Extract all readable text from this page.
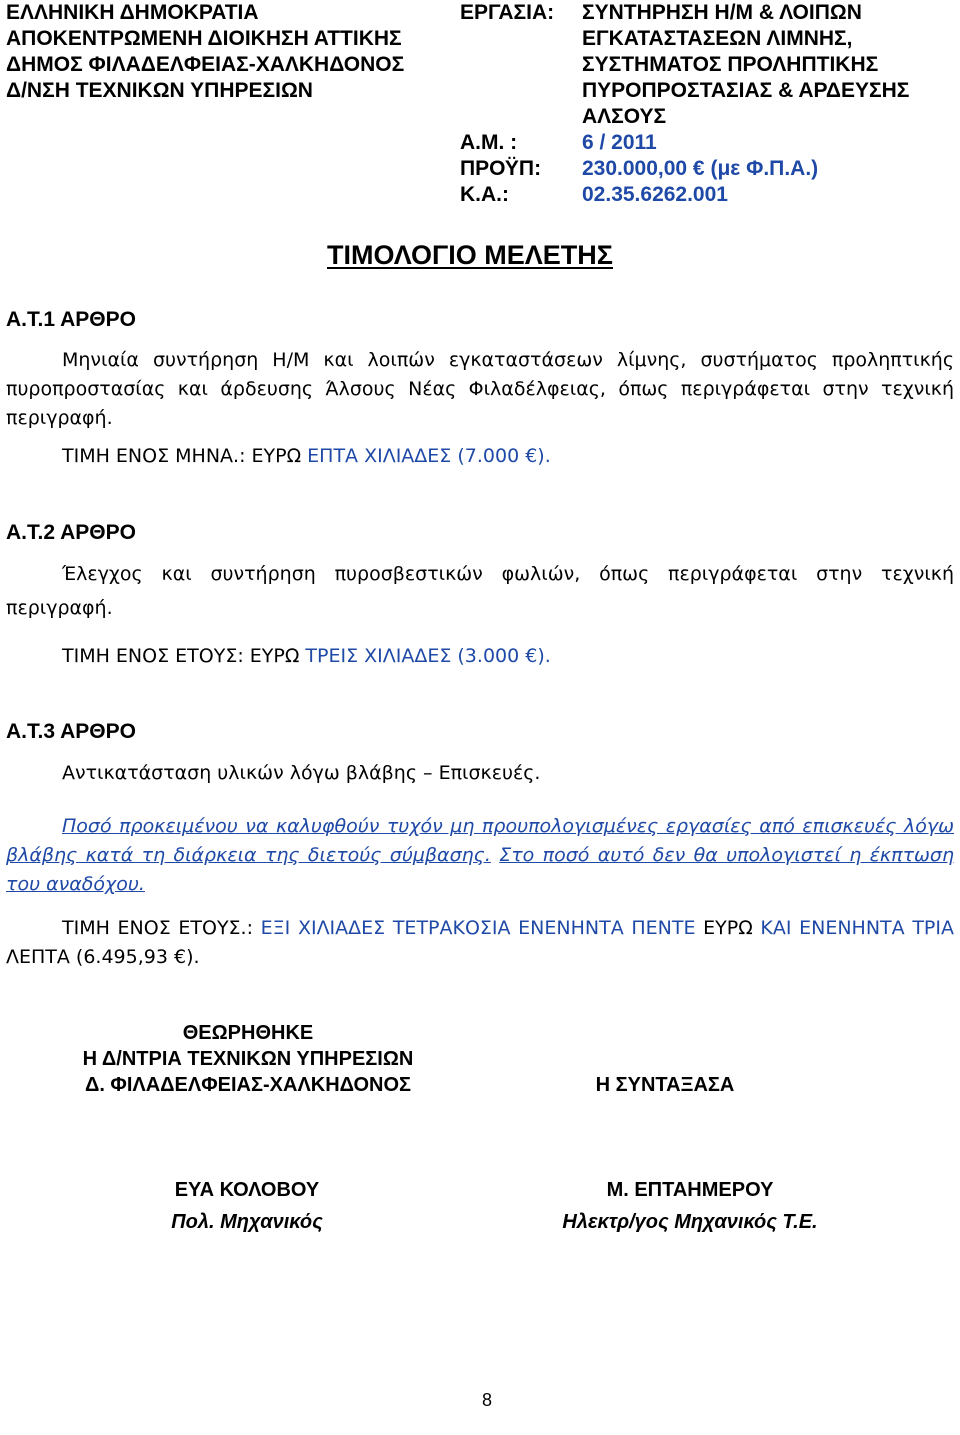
ΕΛΛΗΝΙΚΗ ΔΗΜΟΚΡΑΤΙΑ
ΑΠΟΚΕΝΤΡΩΜΕΝΗ ΔΙΟΙΚΗΣΗ ΑΤΤΙΚΗΣ
ΔΗΜΟΣ ΦΙΛΑΔΕΛΦΕΙΑΣ-ΧΑΛΚΗΔΟΝΟΣ
Δ/ΝΣΗ ΤΕΧΝΙΚΩΝ ΥΠΗΡΕΣΙΩΝ
ΕΡΓΑΣΙΑ: ΣΥΝΤΗΡΗΣΗ Η/Μ & ΛΟΙΠΩΝ
ΕΓΚΑΤΑΣΤΑΣΕΩΝ ΛΙΜΝΗΣ,
ΣΥΣΤΗΜΑΤΟΣ ΠΡΟΛΗΠΤΙΚΗΣ
ΠΥΡΟΠΡΟΣΤΑΣΙΑΣ & ΑΡΔΕΥΣΗΣ
ΑΛΣΟΥΣ
Α.Μ. :	6 / 2011
ΠΡΟΫΠ: 230.000,00 € (με Φ.Π.Α.)
Κ.Α.:	02.35.6262.001
ΤΙΜΟΛΟΓΙΟ ΜΕΛΕΤΗΣ
Α.Τ.1 ΑΡΘΡΟ
Μηνιαία συντήρηση Η/Μ και λοιπών εγκαταστάσεων λίμνης, συστήματος προληπτικής πυροπροστασίας και άρδευσης Άλσους Νέας Φιλαδέλφειας, όπως περιγράφεται στην τεχνική περιγραφή.
ΤΙΜΗ ΕΝΟΣ ΜΗΝΑ.: ΕΥΡΩ ΕΠΤΑ ΧΙΛΙΑΔΕΣ (7.000 €).
Α.Τ.2 ΑΡΘΡΟ
Έλεγχος και συντήρηση πυροσβεστικών φωλιών, όπως περιγράφεται στην τεχνική
περιγραφή.
ΤΙΜΗ ΕΝΟΣ ΕΤΟΥΣ: ΕΥΡΩ ΤΡΕΙΣ ΧΙΛΙΑΔΕΣ (3.000 €).
Α.Τ.3 ΑΡΘΡΟ
Αντικατάσταση υλικών λόγω βλάβης – Επισκευές.
Ποσό προκειμένου να καλυφθούν τυχόν μη προυπολογισμένες εργασίες από επισκευές λόγω βλάβης κατά τη διάρκεια της διετούς σύμβασης. Στο ποσό αυτό δεν θα υπολογιστεί η έκπτωση του αναδόχου.
ΤΙΜΗ ΕΝΟΣ ΕΤΟΥΣ.: ΕΞΙ ΧΙΛΙΑΔΕΣ ΤΕΤΡΑΚΟΣΙΑ ΕΝΕΝΗΝΤΑ ΠΕΝΤΕ ΕΥΡΩ ΚΑΙ ΕΝΕΝΗΝΤΑ ΤΡΙΑ ΛΕΠΤΑ (6.495,93 €).
ΘΕΩΡΗΘΗΚΕ
Η Δ/ΝΤΡΙΑ ΤΕΧΝΙΚΩΝ ΥΠΗΡΕΣΙΩΝ
Δ. ΦΙΛΑΔΕΛΦΕΙΑΣ-ΧΑΛΚΗΔΟΝΟΣ	Η ΣΥΝΤΑΞΑΣΑ
ΕΥΑ ΚΟΛΟΒΟΥ
Πολ. Μηχανικός
Μ. ΕΠΤΑΗΜΕΡΟΥ
Ηλεκτρ/γος Μηχανικός Τ.Ε.
8
